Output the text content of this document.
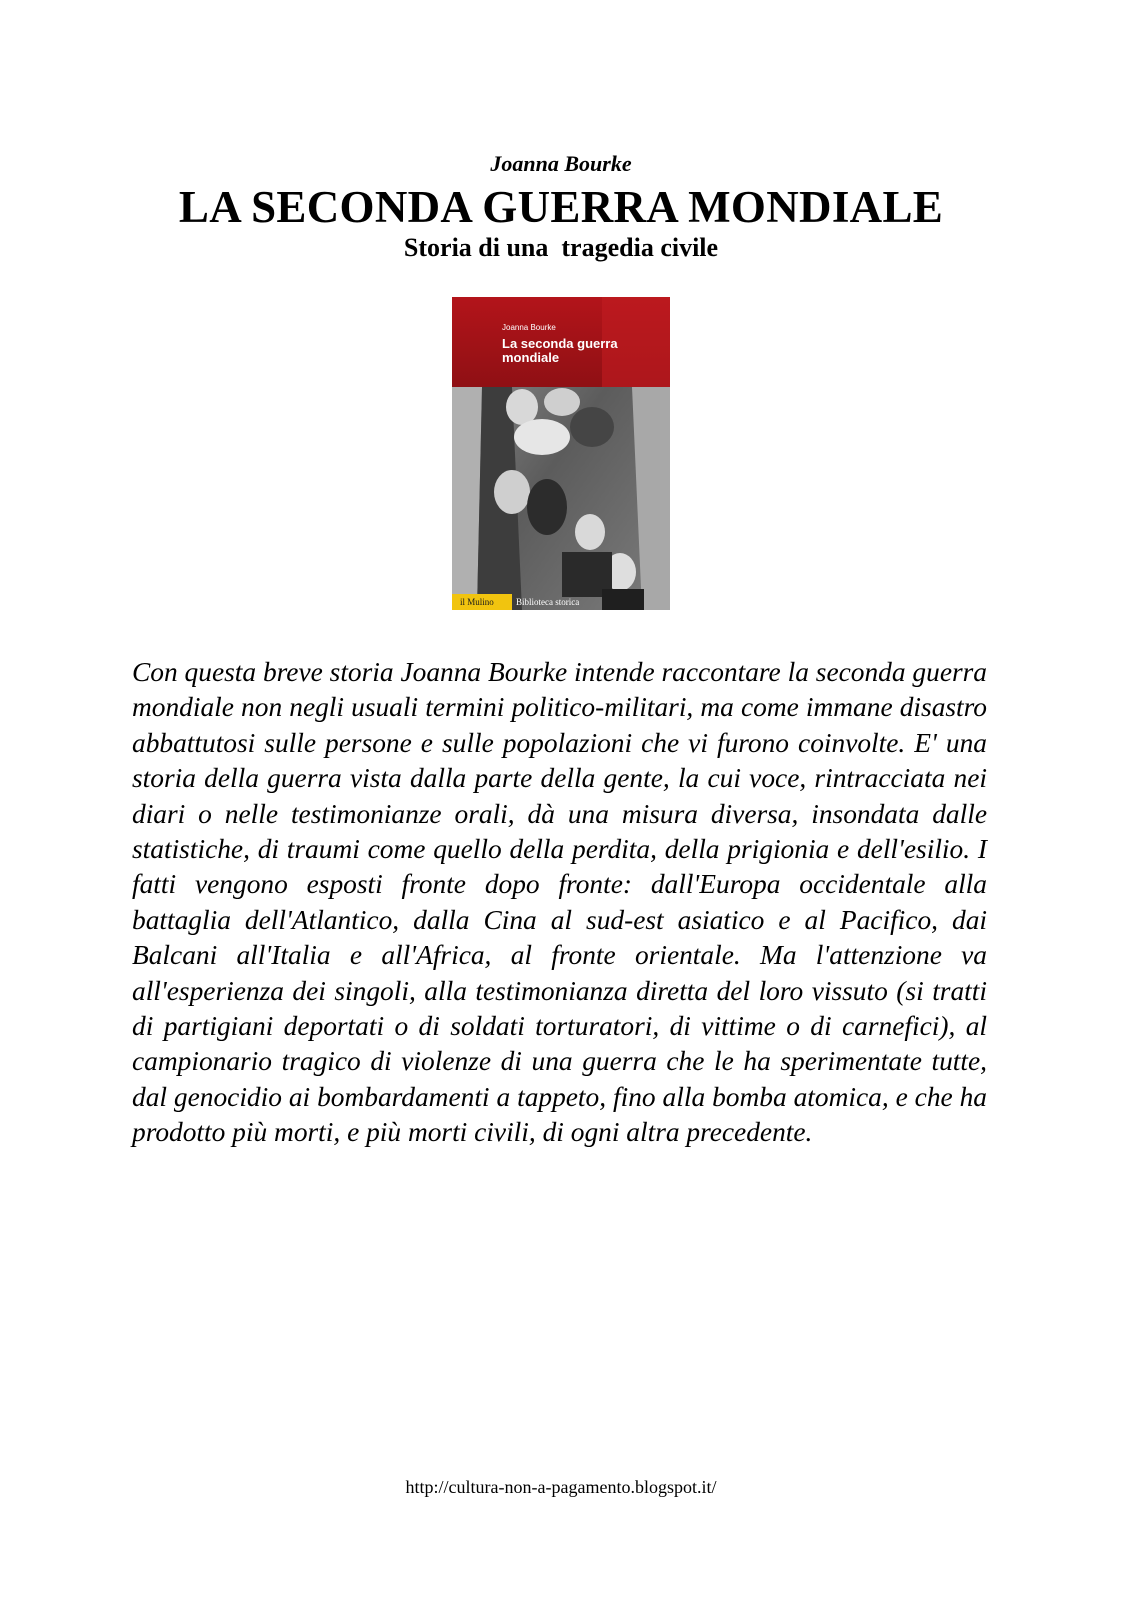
Joanna Bourke
LA SECONDA GUERRA MONDIALE
Storia di una  tragedia civile
Joanna Bourke
La seconda guerra mondiale
il Mulino	Biblioteca storica
Con questa breve storia Joanna Bourke intende raccontare la seconda guerra mondiale non negli usuali termini politico-militari, ma come immane disastro abbattutosi sulle persone e sulle popolazioni che vi furono coinvolte. E' una storia della guerra vista dalla parte della gente, la cui voce, rintracciata nei diari o nelle testimonianze orali, dà una misura diversa, insondata dalle statistiche, di traumi come quello della perdita, della prigionia e dell'esilio. I fatti vengono esposti fronte dopo fronte: dall'Europa occidentale alla battaglia dell'Atlantico, dalla Cina al sud-est asiatico e al Pacifico, dai Balcani all'Italia e all'Africa, al fronte orientale. Ma l'attenzione va all'esperienza dei singoli, alla testimonianza diretta del loro vissuto (si tratti di partigiani deportati o di soldati torturatori, di vittime o di carnefici), al campionario tragico di violenze di una guerra che le ha sperimentate tutte, dal genocidio ai bombardamenti a tappeto, fino alla bomba atomica, e che ha prodotto più morti, e più morti civili, di ogni altra precedente.
http://cultura-non-a-pagamento.blogspot.it/
